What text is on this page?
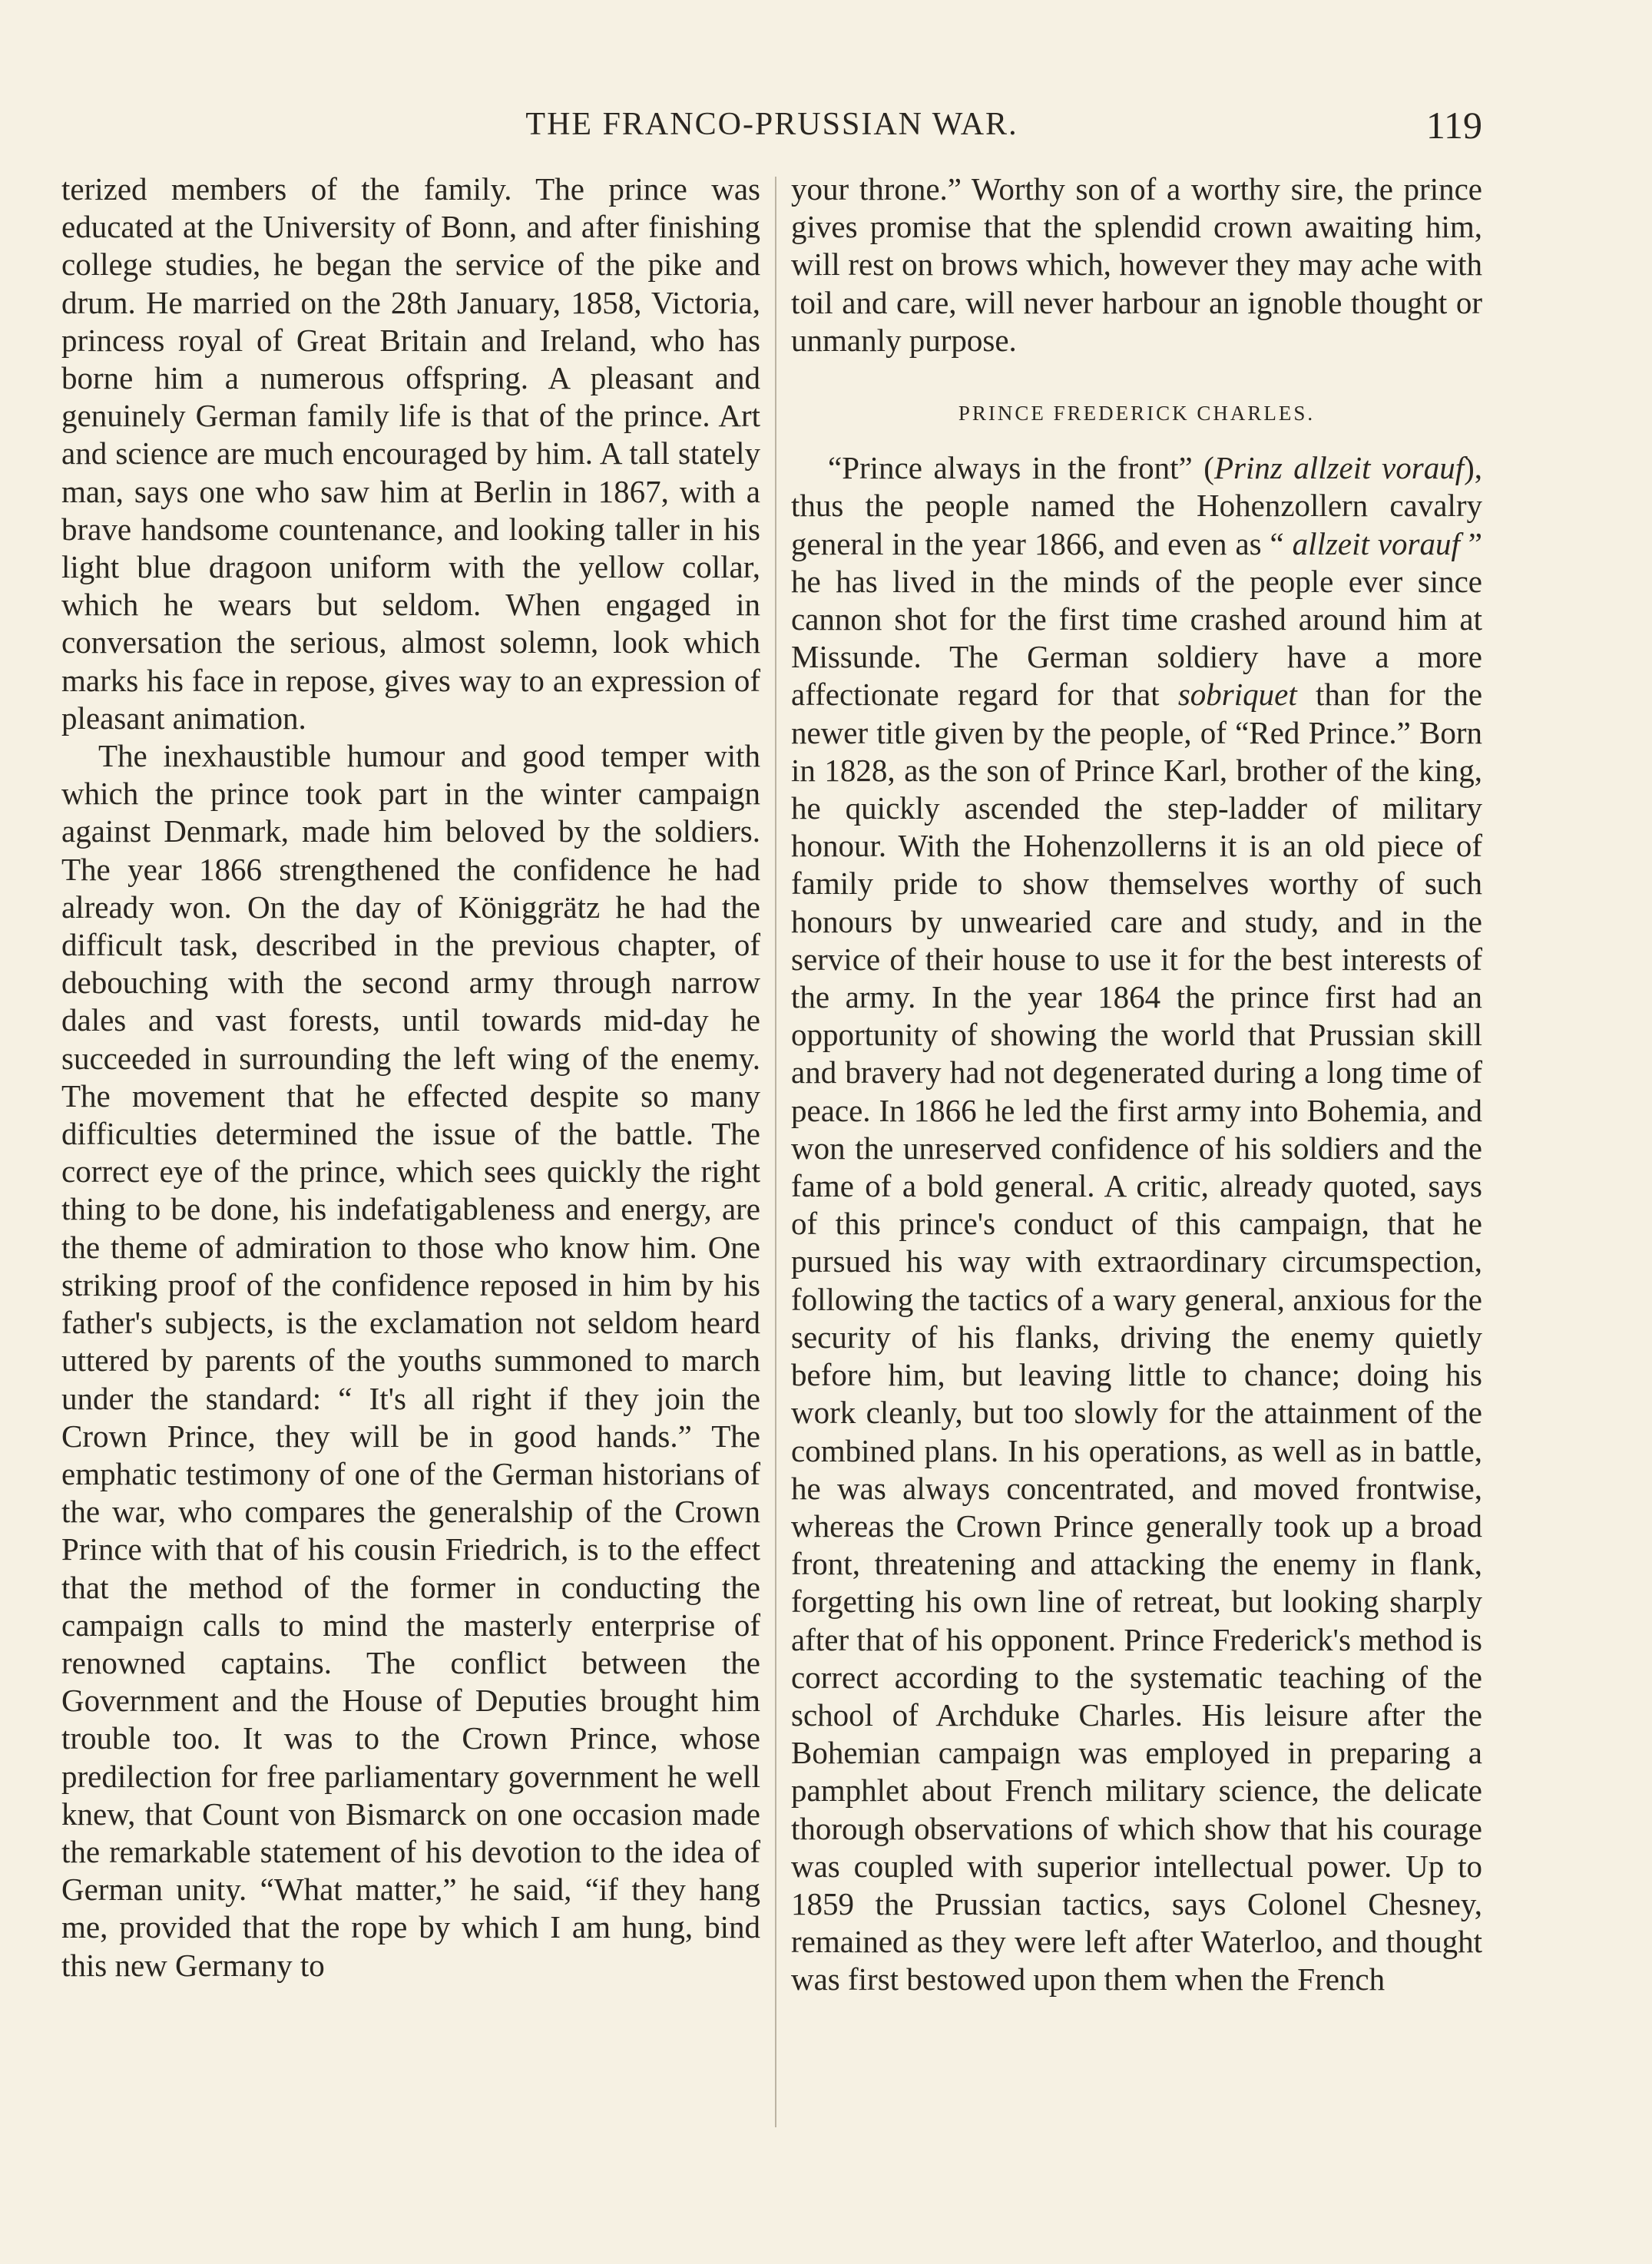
THE FRANCO-PRUSSIAN WAR.	119

terized members of the family. The prince was educated at the University of Bonn, and after finishing college studies, he began the service of the pike and drum. He married on the 28th January, 1858, Victoria, princess royal of Great Britain and Ireland, who has borne him a numerous offspring. A pleasant and genuinely German family life is that of the prince. Art and science are much encouraged by him. A tall stately man, says one who saw him at Berlin in 1867, with a brave handsome countenance, and looking taller in his light blue dragoon uniform with the yellow collar, which he wears but seldom. When engaged in conversation the serious, almost solemn, look which marks his face in repose, gives way to an expression of pleasant animation.

The inexhaustible humour and good temper with which the prince took part in the winter campaign against Denmark, made him beloved by the soldiers. The year 1866 strengthened the confidence he had already won. On the day of Königgrätz he had the difficult task, described in the previous chapter, of debouching with the second army through narrow dales and vast forests, until towards mid-day he succeeded in surrounding the left wing of the enemy. The movement that he effected despite so many difficulties determined the issue of the battle. The correct eye of the prince, which sees quickly the right thing to be done, his indefatigableness and energy, are the theme of admiration to those who know him. One striking proof of the confidence reposed in him by his father's subjects, is the exclamation not seldom heard uttered by parents of the youths summoned to march under the standard: “ It's all right if they join the Crown Prince, they will be in good hands.” The emphatic testimony of one of the German historians of the war, who compares the generalship of the Crown Prince with that of his cousin Friedrich, is to the effect that the method of the former in conducting the campaign calls to mind the masterly enterprise of renowned captains. The conflict between the Government and the House of Deputies brought him trouble too. It was to the Crown Prince, whose predilection for free parliamentary government he well knew, that Count von Bismarck on one occasion made the remarkable statement of his devotion to the idea of German unity. “What matter,” he said, “if they hang me, provided that the rope by which I am hung, bind this new Germany to

your throne.” Worthy son of a worthy sire, the prince gives promise that the splendid crown awaiting him, will rest on brows which, however they may ache with toil and care, will never harbour an ignoble thought or unmanly purpose.

PRINCE FREDERICK CHARLES.

“Prince always in the front” (Prinz allzeit vorauf), thus the people named the Hohenzollern cavalry general in the year 1866, and even as “ allzeit vorauf ” he has lived in the minds of the people ever since cannon shot for the first time crashed around him at Missunde. The German soldiery have a more affectionate regard for that sobriquet than for the newer title given by the people, of “Red Prince.” Born in 1828, as the son of Prince Karl, brother of the king, he quickly ascended the step-ladder of military honour. With the Hohenzollerns it is an old piece of family pride to show themselves worthy of such honours by unwearied care and study, and in the service of their house to use it for the best interests of the army. In the year 1864 the prince first had an opportunity of showing the world that Prussian skill and bravery had not degenerated during a long time of peace. In 1866 he led the first army into Bohemia, and won the unreserved confidence of his soldiers and the fame of a bold general. A critic, already quoted, says of this prince's conduct of this campaign, that he pursued his way with extraordinary circumspection, following the tactics of a wary general, anxious for the security of his flanks, driving the enemy quietly before him, but leaving little to chance; doing his work cleanly, but too slowly for the attainment of the combined plans. In his operations, as well as in battle, he was always concentrated, and moved frontwise, whereas the Crown Prince generally took up a broad front, threatening and attacking the enemy in flank, forgetting his own line of retreat, but looking sharply after that of his opponent. Prince Frederick's method is correct according to the systematic teaching of the school of Archduke Charles. His leisure after the Bohemian campaign was employed in preparing a pamphlet about French military science, the delicate thorough observations of which show that his courage was coupled with superior intellectual power. Up to 1859 the Prussian tactics, says Colonel Chesney, remained as they were left after Waterloo, and thought was first bestowed upon them when the French
